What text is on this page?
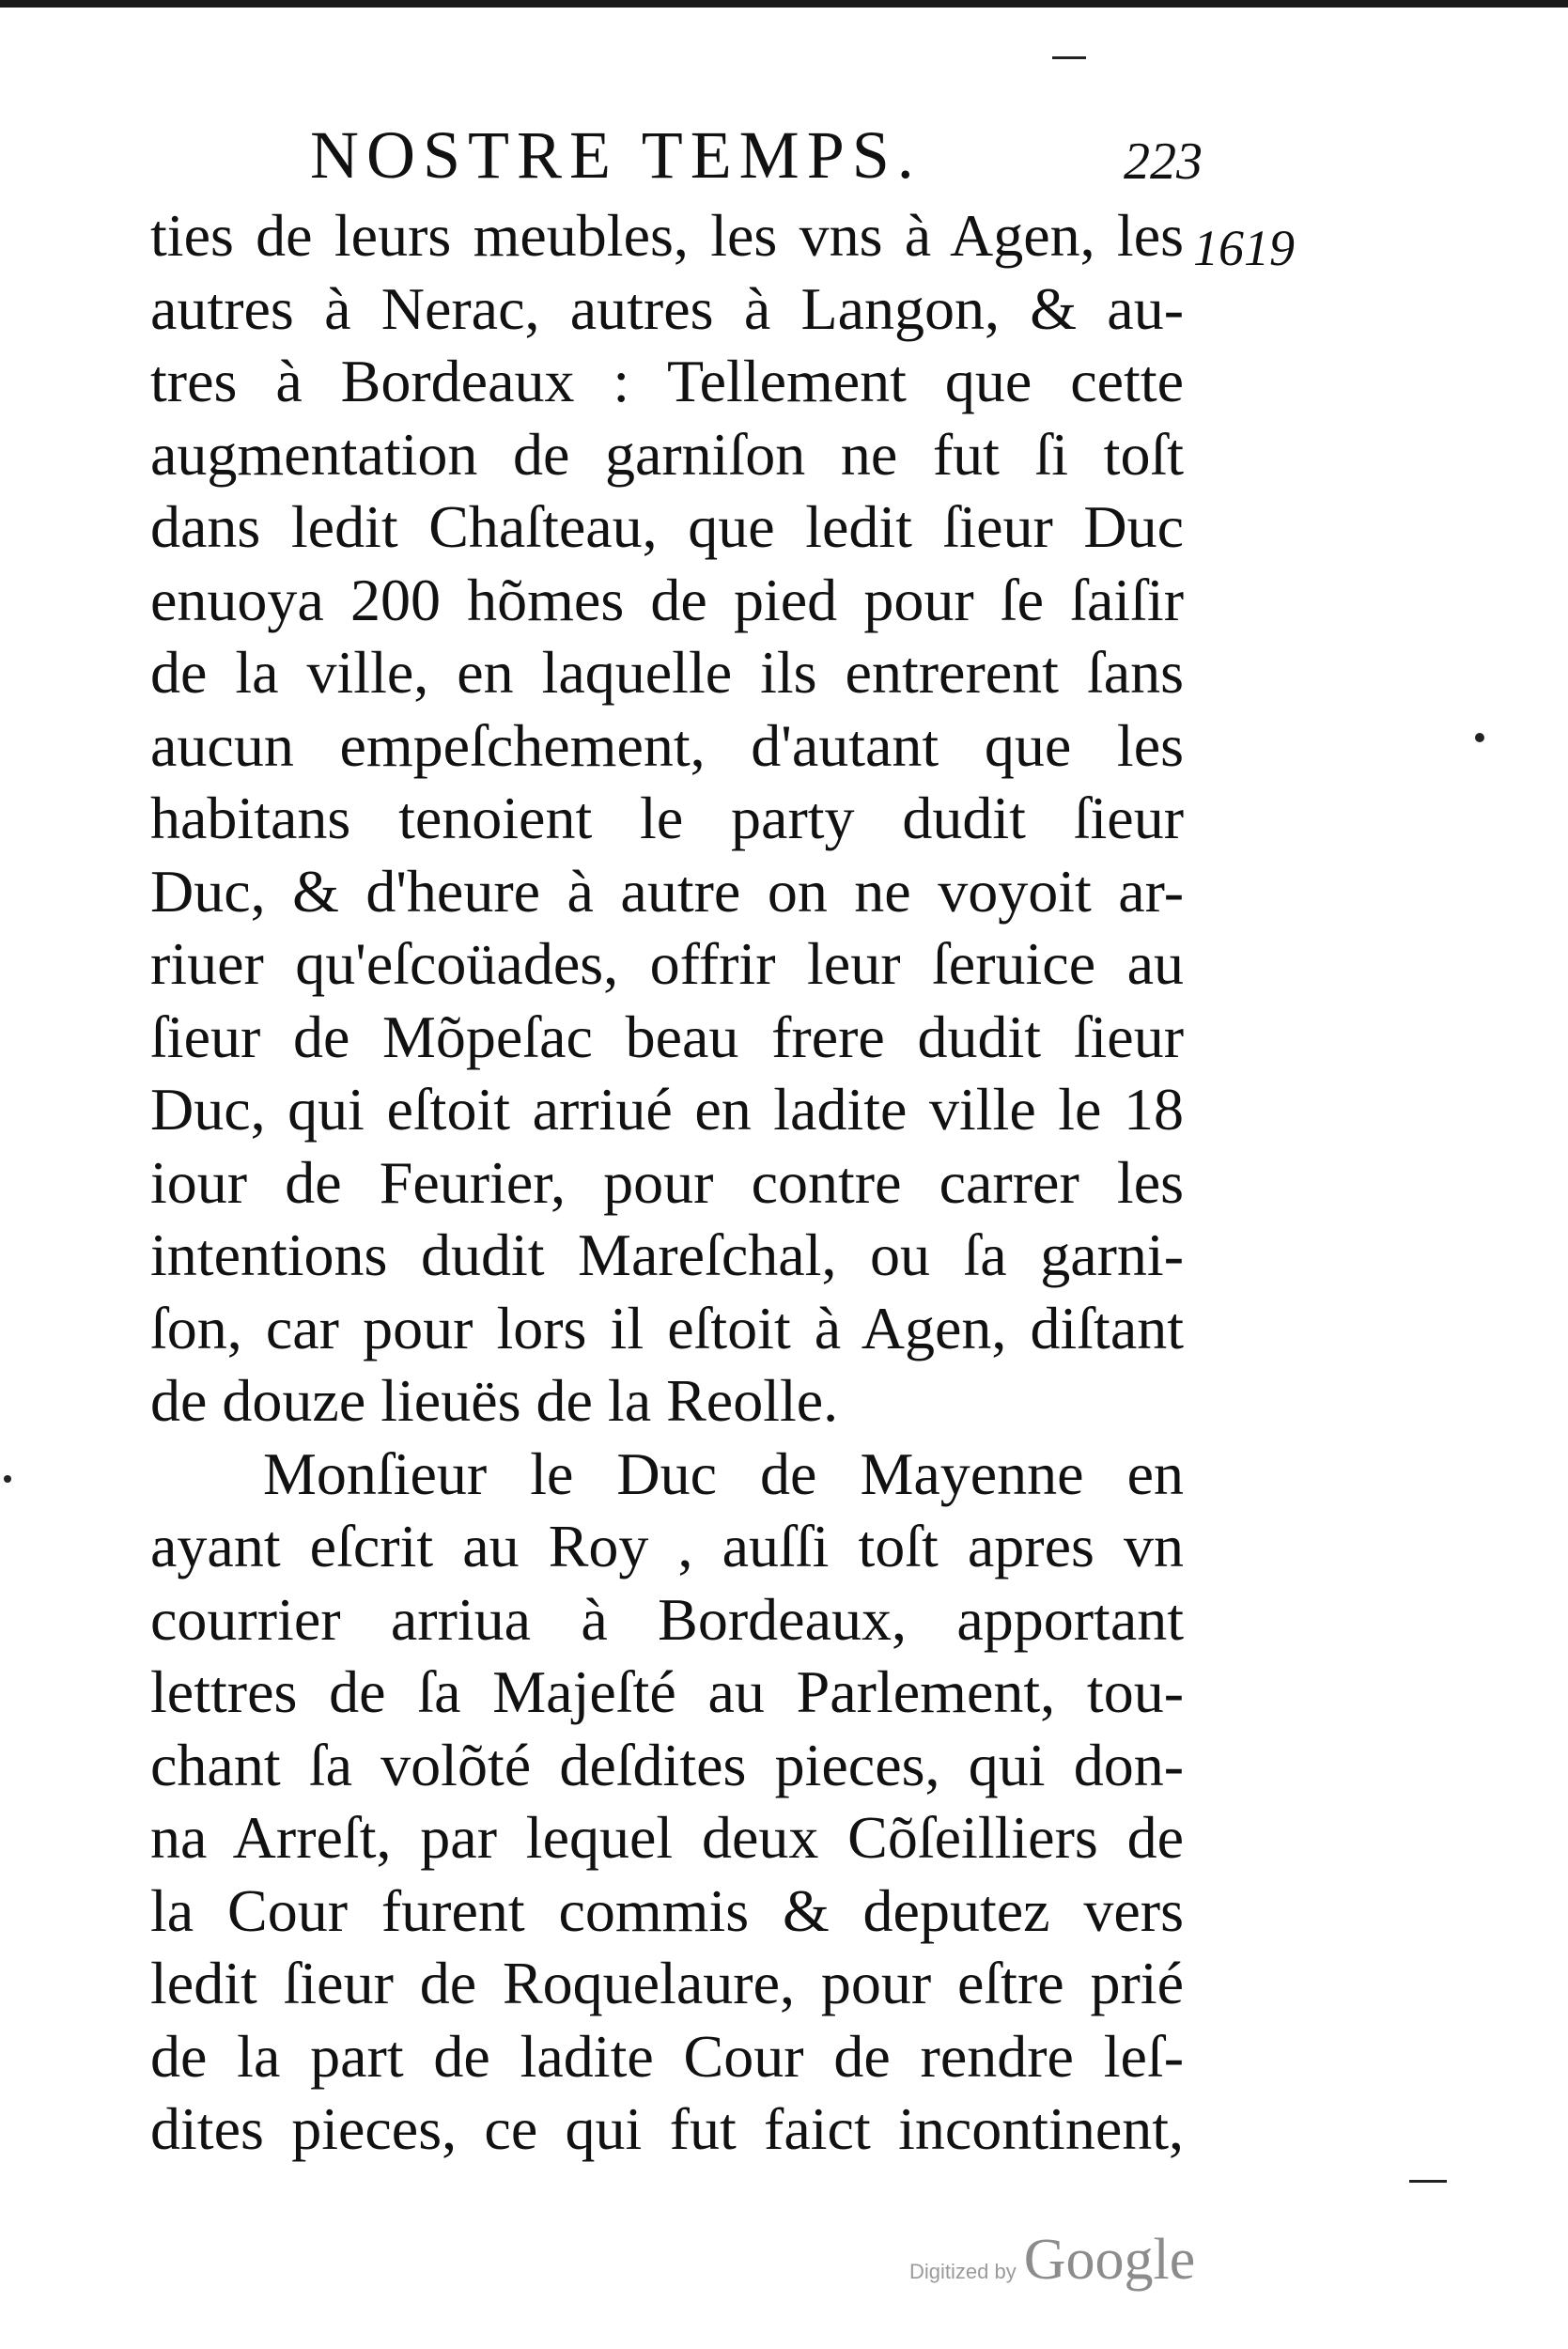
NOSTRE TEMPS.	223
1619
ties de leurs meubles, les vns à Agen, les
autres à Nerac, autres à Langon, & au-
tres à Bordeaux : Tellement que cette
augmentation de garniſon ne fut ſi toſt
dans ledit Chaſteau, que ledit ſieur Duc
enuoya 200 hõmes de pied pour ſe ſaiſir
de la ville, en laquelle ils entrerent ſans
aucun empeſchement, d'autant que les
habitans tenoient le party dudit ſieur
Duc, & d'heure à autre on ne voyoit ar-
riuer qu'eſcoüades, offrir leur ſeruice au
ſieur de Mõpeſac beau frere dudit ſieur
Duc, qui eſtoit arriué en ladite ville le 18
iour de Feurier, pour contre carrer les
intentions dudit Mareſchal, ou ſa garni-
ſon, car pour lors il eſtoit à Agen, diſtant
de douze lieuës de la Reolle.
Monſieur le Duc de Mayenne en
ayant eſcrit au Roy , auſſi toſt apres vn
courrier arriua à Bordeaux, apportant
lettres de ſa Majeſté au Parlement, tou-
chant ſa volõté deſdites pieces, qui don-
na Arreſt, par lequel deux Cõſeilliers de
la Cour furent commis & deputez vers
ledit ſieur de Roquelaure, pour eſtre prié
de la part de ladite Cour de rendre leſ-
dites pieces, ce qui fut faict incontinent,
Digitized by Google
